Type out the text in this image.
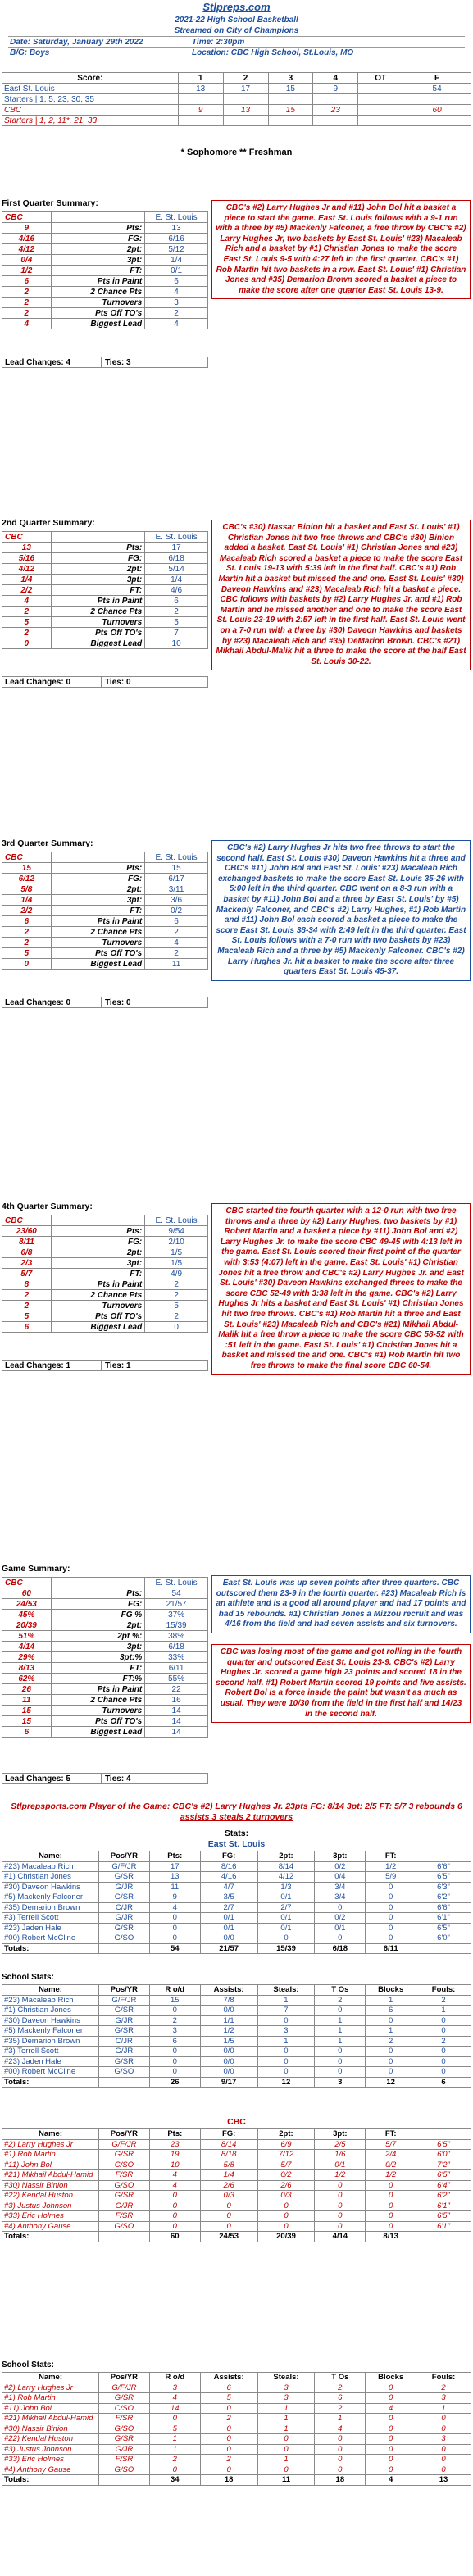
Stlpreps.com
2021-22 High School Basketball
Streamed on City of Champions
Date: Saturday, January 29th 2022	Time: 2:30pm
B/G: Boys	Location: CBC High School, St.Louis, MO
Score:	1	2	3	4	OT	F
East St. Louis	13	17	15	9		54
Starters | 1, 5, 23, 30, 35						
CBC	9	13	15	23		60
Starters | 1, 2, 11*, 21, 33						
* Sophomore ** Freshman
First Quarter Summary:
CBC		E. St. Louis
9	Pts:	13
4/16	FG:	6/16
4/12	2pt:	5/12
0/4	3pt:	1/4
1/2	FT:	0/1
6	Pts in Paint	6
2	2 Chance Pts	4
2	Turnovers	3
2	Pts Off TO's	2
4	Biggest Lead	4
Lead Changes: 4	Ties: 3
CBC's #2) Larry Hughes Jr and #11) John Bol hit a basket a piece to start the game. East St. Louis follows with a 9-1 run with a three by #5) Mackenly Falconer, a free throw by CBC's #2) Larry Hughes Jr, two baskets by East St. Louis' #23) Macaleab Rich and a basket by #1) Christian Jones to make the score East St. Louis 9-5 with 4:27 left in the first quarter. CBC's #1) Rob Martin hit two baskets in a row. East St. Louis' #1) Christian Jones and #35) Demarion Brown scored a basket a piece to make the score after one quarter East St. Louis 13-9.
2nd Quarter Summary:
CBC		E. St. Louis
13	Pts:	17
5/16	FG:	6/18
4/12	2pt:	5/14
1/4	3pt:	1/4
2/2	FT:	4/6
4	Pts in Paint	6
2	2 Chance Pts	2
5	Turnovers	5
2	Pts Off TO's	7
0	Biggest Lead	10
Lead Changes: 0	Ties: 0
CBC's #30) Nassar Binion hit a basket and East St. Louis' #1) Christian Jones hit two free throws and CBC's #30) Binion added a basket. East St. Louis' #1) Christian Jones and #23) Macaleab Rich scored a basket a piece to make the score East St. Louis 19-13 with 5:39 left in the first half. CBC's #1) Rob Martin hit a basket but missed the and one. East St. Louis' #30) Daveon Hawkins and #23) Macaleab Rich hit a basket a piece. CBC follows with baskets by #2) Larry Hughes Jr. and #1) Rob Martin and he missed another and one to make the score East St. Louis 23-19 with 2:57 left in the first half. East St. Louis went on a 7-0 run with a three by #30) Daveon Hawkins and baskets by #23) Macaleab Rich and #35) DeMarion Brown. CBC's #21) Mikhail Abdul-Malik hit a three to make the score at the half East St. Louis 30-22.
3rd Quarter Summary:
CBC		E. St. Louis
15	Pts:	15
6/12	FG:	6/17
5/8	2pt:	3/11
1/4	3pt:	3/6
2/2	FT:	0/2
6	Pts in Paint	6
2	2 Chance Pts	2
2	Turnovers	4
5	Pts Off TO's	2
0	Biggest Lead	11
Lead Changes: 0	Ties: 0
CBC's #2) Larry Hughes Jr hits two free throws to start the second half. East St. Louis #30) Daveon Hawkins hit a three and CBC's #11) John Bol and East St. Louis' #23) Macaleab Rich exchanged baskets to make the score East St. Louis 35-26 with 5:00 left in the third quarter. CBC went on a 8-3 run with a basket by #11) John Bol and a three by East St. Louis' by #5) Mackenly Falconer, and CBC's #2) Larry Hughes, #1) Rob Martin and #11) John Bol each scored a basket a piece to make the score East St. Louis 38-34 with 2:49 left in the third quarter. East St. Louis follows with a 7-0 run with two baskets by #23) Macaleab Rich and a three by #5) Mackenly Falconer. CBC's #2) Larry Hughes Jr. hit a basket to make the score after three quarters East St. Louis 45-37.
4th Quarter Summary:
CBC		E. St. Louis
23/60	Pts:	9/54
8/11	FG:	2/10
6/8	2pt:	1/5
2/3	3pt:	1/5
5/7	FT:	4/9
8	Pts in Paint	2
2	2 Chance Pts	2
2	Turnovers	5
5	Pts Off TO's	2
6	Biggest Lead	0
Lead Changes: 1	Ties: 1
CBC started the fourth quarter with a 12-0 run with two free throws and a three by #2) Larry Hughes, two baskets by #1) Robert Martin and a basket a piece by #11) John Bol and #2) Larry Hughes Jr. to make the score CBC 49-45 with 4:13 left in the game. East St. Louis scored their first point of the quarter with 3:53 (4:07) left in the game. East St. Louis' #1) Christian Jones hit a free throw and CBC's #2) Larry Hughes Jr. and East St. Louis' #30) Daveon Hawkins exchanged threes to make the score CBC 52-49 with 3:38 left in the game. CBC's #2) Larry Hughes Jr hits a basket and East St. Louis' #1) Christian Jones hit two free throws. CBC's #1) Rob Martin hit a three and East St. Louis' #23) Macaleab Rich and CBC's #21) Mikhail Abdul-Malik hit a free throw a piece to make the score CBC 58-52 with :51 left in the game. East St. Louis' #1) Christian Jones hit a basket and missed the and one. CBC's #1) Rob Martin hit two free throws to make the final score CBC 60-54.
Game Summary:
CBC		E. St. Louis
60	Pts:	54
24/53	FG:	21/57
45%	FG %	37%
20/39	2pt:	15/39
51%	2pt %:	38%
4/14	3pt:	6/18
29%	3pt:%	33%
8/13	FT:	6/11
62%	FT:%	55%
26	Pts in Paint	22
11	2 Chance Pts	16
15	Turnovers	14
15	Pts Off TO's	14
6	Biggest Lead	14
Lead Changes: 5	Ties: 4
East St. Louis was up seven points after three quarters. CBC outscored them 23-9 in the fourth quarter. #23) Macaleab Rich is an athlete and is a good all around player and had 17 points and had 15 rebounds. #1) Christian Jones a Mizzou recruit and was 4/16 from the field and had seven assists and six turnovers.
CBC was losing most of the game and got rolling in the fourth quarter and outscored East St. Louis 23-9. CBC's #2) Larry Hughes Jr. scored a game high 23 points and scored 18 in the second half. #1) Robert Martin scored 19 points and five assists. Robert Bol is a force inside the paint but wasn't as much as usual. They were 10/30 from the field in the first half and 14/23 in the second half.
Stlprepsports.com Player of the Game: CBC's #2) Larry Hughes Jr. 23pts FG: 8/14 3pt: 2/5 FT: 5/7 3 rebounds 6 assists 3 steals 2 turnovers
Stats:
East St. Louis
Name:	Pos/YR	Pts:	FG:	2pt:	3pt:	FT:	
#23) Macaleab Rich	G/F/JR	17	8/16	8/14	0/2	1/2	6'6"
#1) Christian Jones	G/SR	13	4/16	4/12	0/4	5/9	6'5"
#30) Daveon Hawkins	G/JR	11	4/7	1/3	3/4	0	6'3"
#5) Mackenly Falconer	G/SR	9	3/5	0/1	3/4	0	6'2"
#35) Demarion Brown	C/JR	4	2/7	2/7	0	0	6'6"
#3) Terrell Scott	G/JR	0	0/1	0/1	0/2	0	6'1"
#23) Jaden Hale	G/SR	0	0/1	0/1	0/1	0	6'5"
#00) Robert McCline	G/SO	0	0/0	0	0	0	6'0"
Totals:		54	21/57	15/39	6/18	6/11	
School Stats:
Name:	Pos/YR	R o/d	Assists:	Steals:	T Os	Blocks	Fouls:
#23) Macaleab Rich	G/F/JR	15	7/8	1	2	1	2
#1) Christian Jones	G/SR	0	0/0	7	0	6	1
#30) Daveon Hawkins	G/JR	2	1/1	0	1	0	0
#5) Mackenly Falconer	G/SR	3	1/2	3	1	1	0
#35) Demarion Brown	C/JR	6	1/5	1	1	2	2
#3) Terrell Scott	G/JR	0	0/0	0	0	0	0
#23) Jaden Hale	G/SR	0	0/0	0	0	0	0
#00) Robert McCline	G/SO	0	0/0	0	0	0	0
Totals:		26	9/17	12	3	12	6
CBC
Name:	Pos/YR	Pts:	FG:	2pt:	3pt:	FT:	
#2) Larry Hughes Jr	G/F/JR	23	8/14	6/9	2/5	5/7	6'5"
#1) Rob Martin	G/SR	19	8/18	7/12	1/6	2/4	6'0"
#11) John Bol	C/SO	10	5/8	5/7	0/1	0/2	7'2"
#21) Mikhail Abdul-Hamid	F/SR	4	1/4	0/2	1/2	1/2	6'5"
#30) Nassir Binion	G/SO	4	2/6	2/6	0	0	6'4"
#22) Kendal Huston	G/SR	0	0/3	0/3	0	0	6'2"
#3) Justus Johnson	G/JR	0	0	0	0	0	6'1"
#33) Eric Holmes	F/SR	0	0	0	0	0	6'5"
#4) Anthony Gause	G/SO	0	0	0	0	0	6'1"
Totals:		60	24/53	20/39	4/14	8/13	
School Stats:
Name:	Pos/YR	R o/d	Assists:	Steals:	T Os	Blocks	Fouls:
#2) Larry Hughes Jr	G/F/JR	3	6	3	2	0	2
#1) Rob Martin	G/SR	4	5	3	6	0	3
#11) John Bol	C/SO	14	0	1	2	4	1
#21) Mikhail Abdul-Hamid	F/SR	0	2	1	1	0	0
#30) Nassir Binion	G/SO	5	0	1	4	0	0
#22) Kendal Huston	G/SR	1	0	0	0	0	3
#3) Justus Johnson	G/JR	1	0	0	0	0	0
#33) Eric Holmes	F/SR	2	2	1	0	0	0
#4) Anthony Gause	G/SO	0	0	0	0	0	0
Totals:		34	18	11	18	4	13
